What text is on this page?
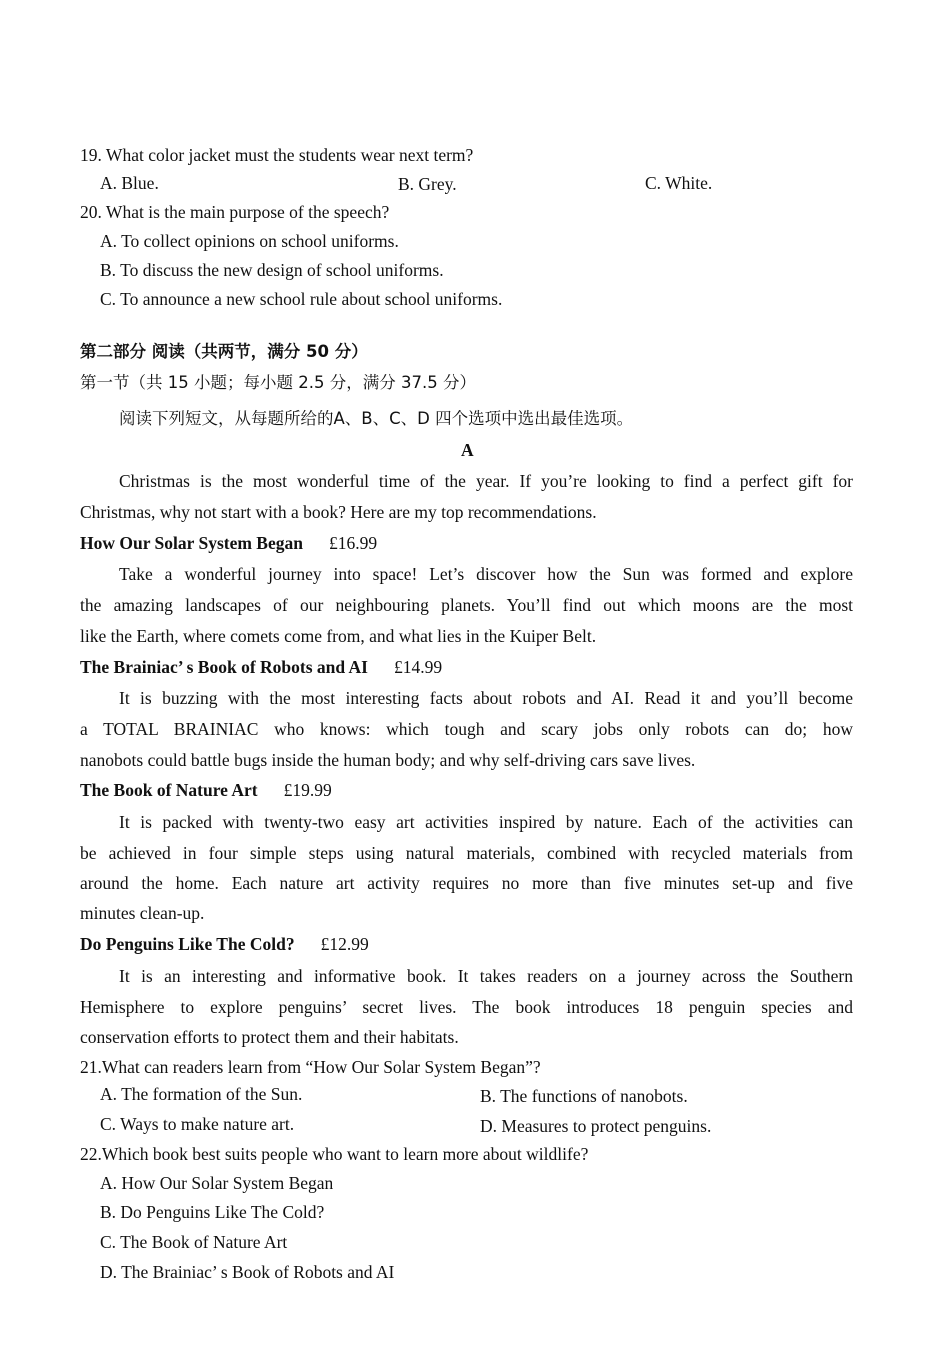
19. What color jacket must the students wear next term?
A. Blue.	B. Grey.	C. White.
20. What is the main purpose of the speech?
A. To collect opinions on school uniforms.
B. To discuss the new design of school uniforms.
C. To announce a new school rule about school uniforms.
第二部分 阅读（共两节，满分 50 分）
第一节（共 15 小题；每小题 2.5 分，满分 37.5 分）
阅读下列短文，从每题所给的A、B、C、D 四个选项中选出最佳选项。
A
Christmas is the most wonderful time of the year. If you’re looking to find a perfect gift for
Christmas, why not start with a book? Here are my top recommendations.
How Our Solar System Began £16.99
Take a wonderful journey into space! Let’s discover how the Sun was formed and explore
the amazing landscapes of our neighbouring planets. You’ll find out which moons are the most
like the Earth, where comets come from, and what lies in the Kuiper Belt.
The Brainiac’ s Book of Robots and AI £14.99
It is buzzing with the most interesting facts about robots and AI. Read it and you’ll become
a TOTAL BRAINIAC who knows: which tough and scary jobs only robots can do; how
nanobots could battle bugs inside the human body; and why self-driving cars save lives.
The Book of Nature Art £19.99
It is packed with twenty-two easy art activities inspired by nature. Each of the activities can
be achieved in four simple steps using natural materials, combined with recycled materials from
around the home. Each nature art activity requires no more than five minutes set-up and five
minutes clean-up.
Do Penguins Like The Cold? £12.99
It is an interesting and informative book. It takes readers on a journey across the Southern
Hemisphere to explore penguins’ secret lives. The book introduces 18 penguin species and
conservation efforts to protect them and their habitats.
21.What can readers learn from “How Our Solar System Began”?
A. The formation of the Sun.	B. The functions of nanobots.
C. Ways to make nature art.	D. Measures to protect penguins.
22.Which book best suits people who want to learn more about wildlife?
A. How Our Solar System Began
B. Do Penguins Like The Cold?
C. The Book of Nature Art
D. The Brainiac’ s Book of Robots and AI
